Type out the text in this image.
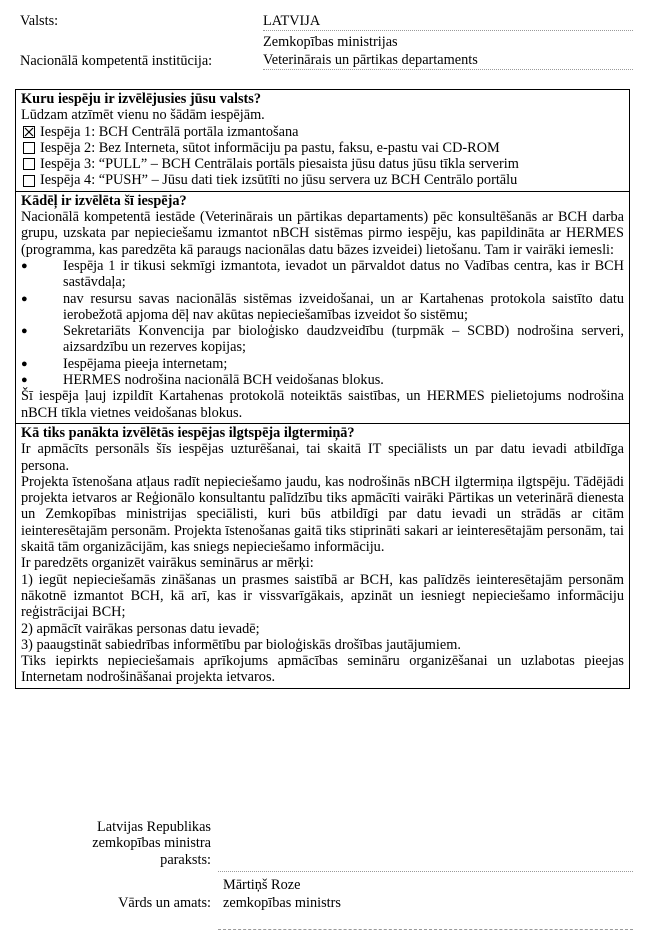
Valsts:	LATVIJA
Nacionālā kompetentā institūcija:
Zemkopības ministrijas
Veterinārais un pārtikas departaments
Kuru iespēju ir izvēlējusies jūsu valsts?
Lūdzam atzīmēt vienu no šādām iespējām.
Iespēja 1: BCH Centrālā portāla izmantošana
Iespēja 2: Bez Interneta, sūtot informāciju pa pastu, faksu, e-pastu vai CD-ROM
Iespēja 3: “PULL” – BCH Centrālais portāls piesaista jūsu datus jūsu tīkla serverim
Iespēja 4: “PUSH” – Jūsu dati tiek izsūtīti no jūsu servera uz BCH Centrālo portālu
Kādēļ ir izvēlēta šī iespēja?
Nacionālā kompetentā iestāde (Veterinārais un pārtikas departaments) pēc konsultēšanās ar BCH darba grupu, uzskata par nepieciešamu izmantot nBCH sistēmas pirmo iespēju, kas papildināta ar HERMES (programma, kas paredzēta kā paraugs nacionālas datu bāzes izveidei) lietošanu. Tam ir vairāki iemesli:
●	Iespēja 1 ir tikusi sekmīgi izmantota, ievadot un pārvaldot datus no Vadības centra, kas ir BCH sastāvdaļa;
●	nav resursu savas nacionālās sistēmas izveidošanai, un ar Kartahenas protokola saistīto datu ierobežotā apjoma dēļ nav akūtas nepieciešamības izveidot šo sistēmu;
●	Sekretariāts Konvencija par bioloģisko daudzveidību (turpmāk – SCBD) nodrošina serveri, aizsardzību un rezerves kopijas;
●	Iespējama pieeja internetam;
●	HERMES nodrošina nacionālā BCH veidošanas blokus.
Šī iespēja ļauj izpildīt Kartahenas protokolā noteiktās saistības, un HERMES pielietojums nodrošina nBCH tīkla vietnes veidošanas blokus.
Kā tiks panākta izvēlētās iespējas ilgtspēja ilgtermiņā?
Ir apmācīts personāls šīs iespējas uzturēšanai, tai skaitā IT speciālists un par datu ievadi atbildīga persona.
Projekta īstenošana atļaus radīt nepieciešamo jaudu, kas nodrošinās nBCH ilgtermiņa ilgtspēju. Tādējādi projekta ietvaros ar Reģionālo konsultantu palīdzību tiks apmācīti vairāki Pārtikas un veterinārā dienesta un Zemkopības ministrijas speciālisti, kuri būs atbildīgi par datu ievadi un strādās ar citām ieinteresētajām personām. Projekta īstenošanas gaitā tiks stiprināti sakari ar ieinteresētajām personām, tai skaitā tām organizācijām, kas sniegs nepieciešamo informāciju.
Ir paredzēts organizēt vairākus seminārus ar mērķi:
1) iegūt nepieciešamās zināšanas un prasmes saistībā ar BCH, kas palīdzēs ieinteresētajām personām nākotnē izmantot BCH, kā arī, kas ir vissvarīgākais, apzināt un iesniegt nepieciešamo informāciju reģistrācijai BCH;
2) apmācīt vairākas personas datu ievadē;
3) paaugstināt sabiedrības informētību par bioloģiskās drošības jautājumiem.
Tiks iepirkts nepieciešamais aprīkojums apmācības semināru organizēšanai un uzlabotas pieejas Internetam nodrošināšanai projekta ietvaros.
Latvijas Republikas
zemkopības ministra
paraksts:
Vārds un amats:
Mārtiņš Roze
zemkopības ministrs
